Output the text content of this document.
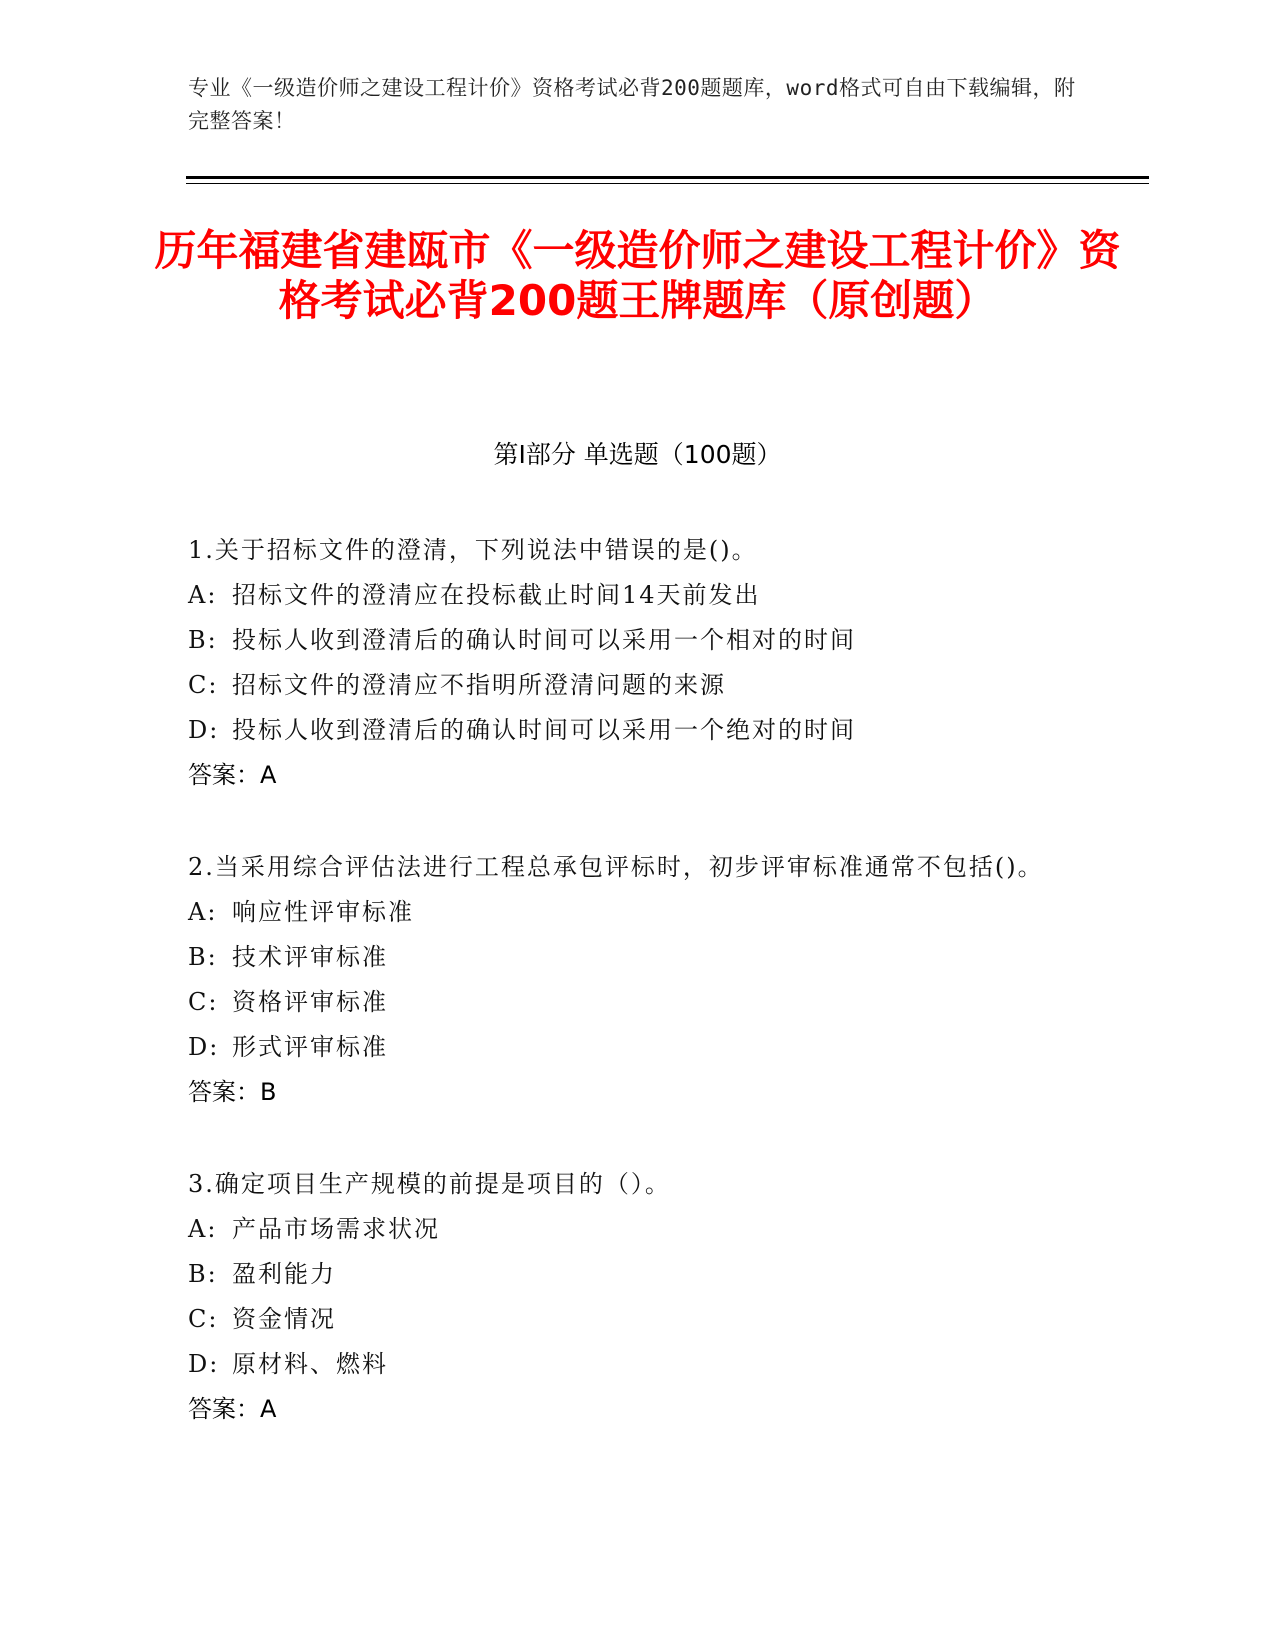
专业《一级造价师之建设工程计价》资格考试必背200题题库，word格式可自由下载编辑，附完整答案！
历年福建省建瓯市《一级造价师之建设工程计价》资格考试必背200题王牌题库（原创题）
第Ⅰ部分 单选题（100题）
1.关于招标文件的澄清，下列说法中错误的是()。
A: 招标文件的澄清应在投标截止时间14天前发出
B: 投标人收到澄清后的确认时间可以采用一个相对的时间
C: 招标文件的澄清应不指明所澄清问题的来源
D: 投标人收到澄清后的确认时间可以采用一个绝对的时间
答案：A
2.当采用综合评估法进行工程总承包评标时，初步评审标准通常不包括()。
A: 响应性评审标准
B: 技术评审标准
C: 资格评审标准
D: 形式评审标准
答案：B
3.确定项目生产规模的前提是项目的（）。
A: 产品市场需求状况
B: 盈利能力
C: 资金情况
D: 原材料、燃料
答案：A
